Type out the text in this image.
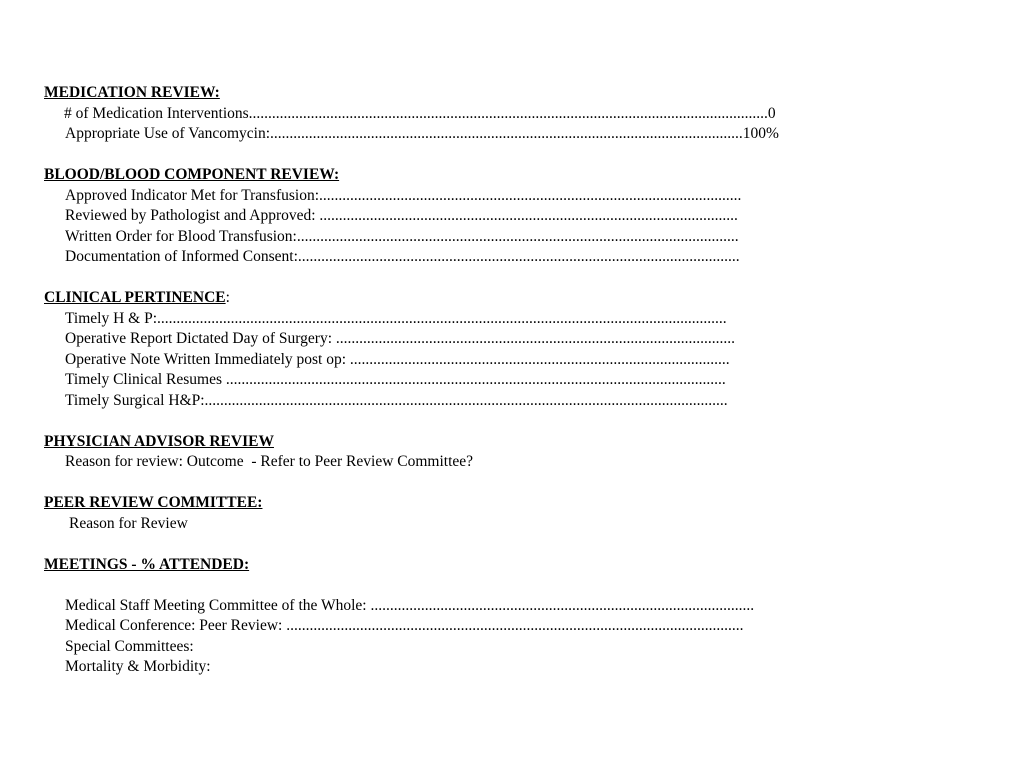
MEDICATION REVIEW:
# of Medication Interventions......................................................................................................................................0
Appropriate Use of Vancomycin:..........................................................................................................................100%
BLOOD/BLOOD COMPONENT REVIEW:
Approved Indicator Met for Transfusion:.............................................................................................................
Reviewed by Pathologist and Approved: ............................................................................................................
Written Order for Blood Transfusion:..................................................................................................................
Documentation of Informed Consent:..................................................................................................................
CLINICAL PERTINENCE:
Timely H & P:...................................................................................................................................................
Operative Report Dictated Day of Surgery: .......................................................................................................
Operative Note Written Immediately post op: ..................................................................................................
Timely Clinical Resumes .................................................................................................................................
Timely Surgical H&P:.......................................................................................................................................
PHYSICIAN ADVISOR REVIEW
Reason for review: Outcome  - Refer to Peer Review Committee?
PEER REVIEW COMMITTEE:
Reason for Review
MEETINGS - % ATTENDED:
Medical Staff Meeting Committee of the Whole: ...................................................................................................
Medical Conference: Peer Review: ......................................................................................................................
Special Committees:
Mortality & Morbidity:
